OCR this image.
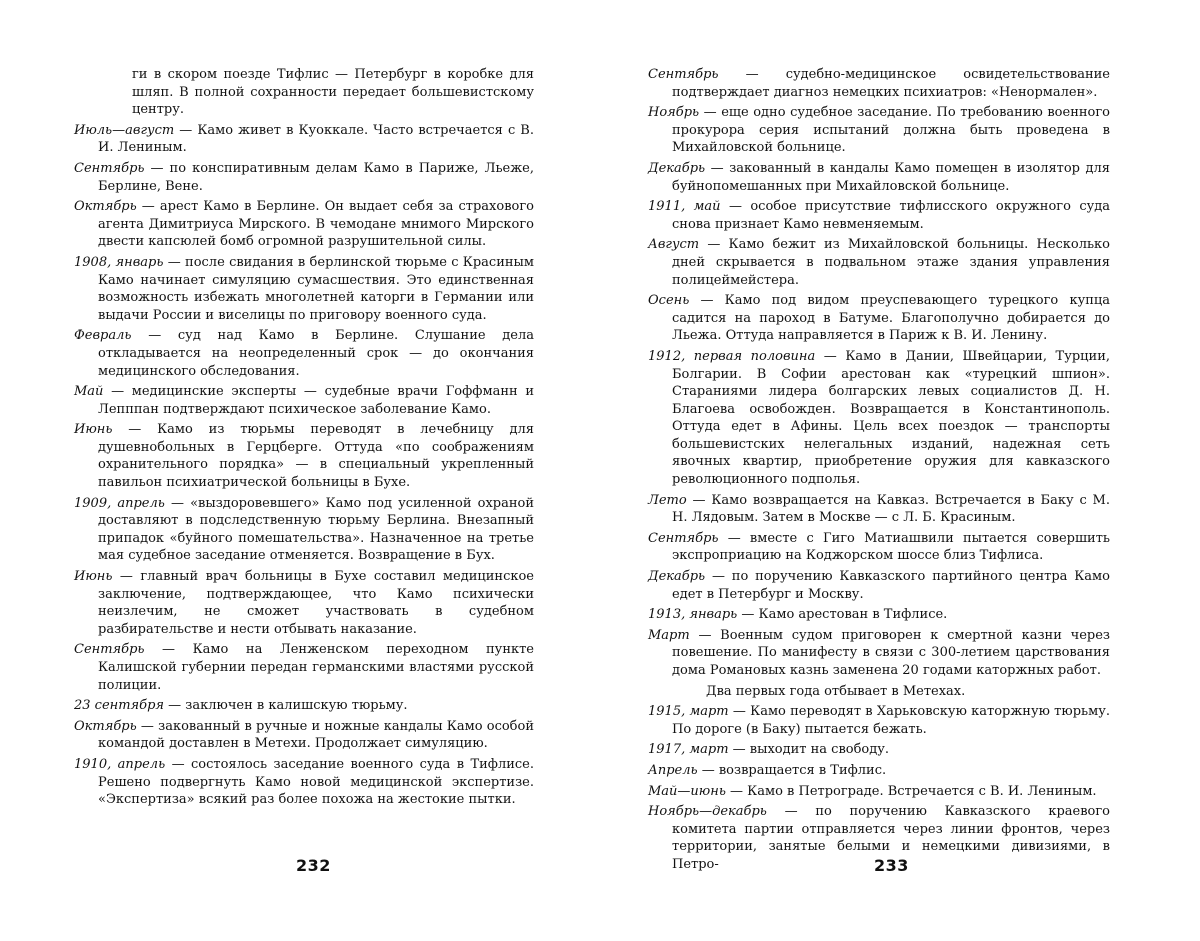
ги в скором поезде Тифлис — Петербург в коробке для шляп. В полной сохранности передает большевистскому центру.

Июль—август — Камо живет в Куоккале. Часто встречается с В. И. Лениным.

Сентябрь — по конспиративным делам Камо в Париже, Льеже, Берлине, Вене.

Октябрь — арест Камо в Берлине. Он выдает себя за страхового агента Димитриуса Мирского. В чемодане мнимого Мирского двести капсюлей бомб огромной разрушительной силы.

1908, январь — после свидания в берлинской тюрьме с Красиным Камо начинает симуляцию сумасшествия. Это единственная возможность избежать многолетней каторги в Германии или выдачи России и виселицы по приговору военного суда.

Февраль — суд над Камо в Берлине. Слушание дела откладывается на неопределенный срок — до окончания медицинского обследования.

Май — медицинские эксперты — судебные врачи Гоффманн и Лепппан подтверждают психическое заболевание Камо.

Июнь — Камо из тюрьмы переводят в лечебницу для душевнобольных в Герцберге. Оттуда «по соображениям охранительного порядка» — в специальный укрепленный павильон психиатрической больницы в Бухе.

1909, апрель — «выздоровевшего» Камо под усиленной охраной доставляют в подследственную тюрьму Берлина. Внезапный припадок «буйного помешательства». Назначенное на третье мая судебное заседание отменяется. Возвращение в Бух.

Июнь — главный врач больницы в Бухе составил медицинское заключение, подтверждающее, что Камо психически неизлечим, не сможет участвовать в судебном разбирательстве и нести отбывать наказание.

Сентябрь — Камо на Ленженском переходном пункте Калишской губернии передан германскими властями русской полиции.

23 сентября — заключен в калишскую тюрьму.

Октябрь — закованный в ручные и ножные кандалы Камо особой командой доставлен в Метехи. Продолжает симуляцию.

1910, апрель — состоялось заседание военного суда в Тифлисе. Решено подвергнуть Камо новой медицинской экспертизе. «Экспертиза» всякий раз более похожа на жестокие пытки.

Сентябрь — судебно-медицинское освидетельствование подтверждает диагноз немецких психиатров: «Ненормален».

Ноябрь — еще одно судебное заседание. По требованию военного прокурора серия испытаний должна быть проведена в Михайловской больнице.

Декабрь — закованный в кандалы Камо помещен в изолятор для буйнопомешанных при Михайловской больнице.

1911, май — особое присутствие тифлисского окружного суда снова признает Камо невменяемым.

Август — Камо бежит из Михайловской больницы. Несколько дней скрывается в подвальном этаже здания управления полицеймейстера.

Осень — Камо под видом преуспевающего турецкого купца садится на пароход в Батуме. Благополучно добирается до Льежа. Оттуда направляется в Париж к В. И. Ленину.

1912, первая половина — Камо в Дании, Швейцарии, Турции, Болгарии. В Софии арестован как «турецкий шпион». Стараниями лидера болгарских левых социалистов Д. Н. Благоева освобожден. Возвращается в Константинополь. Оттуда едет в Афины. Цель всех поездок — транспорты большевистских нелегальных изданий, надежная сеть явочных квартир, приобретение оружия для кавказского революционного подполья.

Лето — Камо возвращается на Кавказ. Встречается в Баку с М. Н. Лядовым. Затем в Москве — с Л. Б. Красиным.

Сентябрь — вместе с Гиго Матиашвили пытается совершить экспроприацию на Коджорском шоссе близ Тифлиса.

Декабрь — по поручению Кавказского партийного центра Камо едет в Петербург и Москву.

1913, январь — Камо арестован в Тифлисе.

Март — Военным судом приговорен к смертной казни через повешение. По манифесту в связи с 300-летием царствования дома Романовых казнь заменена 20 годами каторжных работ.

Два первых года отбывает в Метехах.

1915, март — Камо переводят в Харьковскую каторжную тюрьму. По дороге (в Баку) пытается бежать.

1917, март — выходит на свободу.

Апрель — возвращается в Тифлис.

Май—июнь — Камо в Петрограде. Встречается с В. И. Лениным.

Ноябрь—декабрь — по поручению Кавказского краевого комитета партии отправляется через линии фронтов, через территории, занятые белыми и немецкими дивизиями, в Петро-

232	233
